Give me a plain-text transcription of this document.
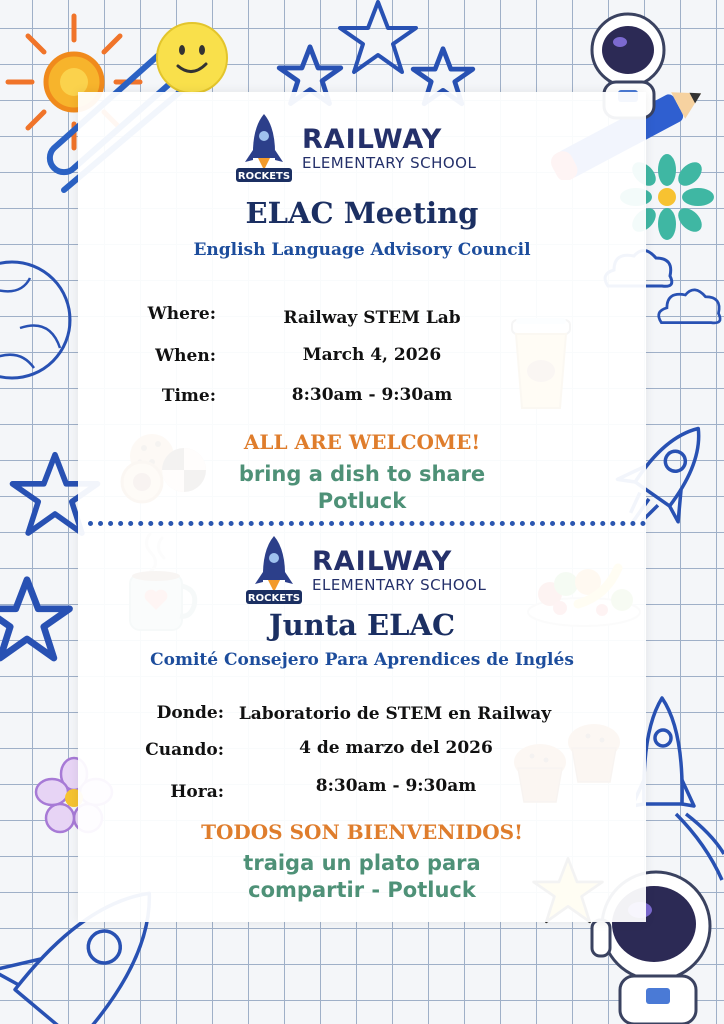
ROCKETS
RAILWAY
ELEMENTARY SCHOOL
ELAC Meeting
English Language Advisory Council
Where:	Railway STEM Lab
When:	March 4, 2026
Time:	8:30am - 9:30am
ALL ARE WELCOME!
bring a dish to share
Potluck
ROCKETS
RAILWAY
ELEMENTARY SCHOOL
Junta ELAC
Comité Consejero Para Aprendices de Inglés
Donde: Laboratorio de STEM en Railway
Cuando:	4 de marzo del 2026
Hora:	8:30am - 9:30am
TODOS SON BIENVENIDOS!
traiga un plato para
compartir - Potluck
